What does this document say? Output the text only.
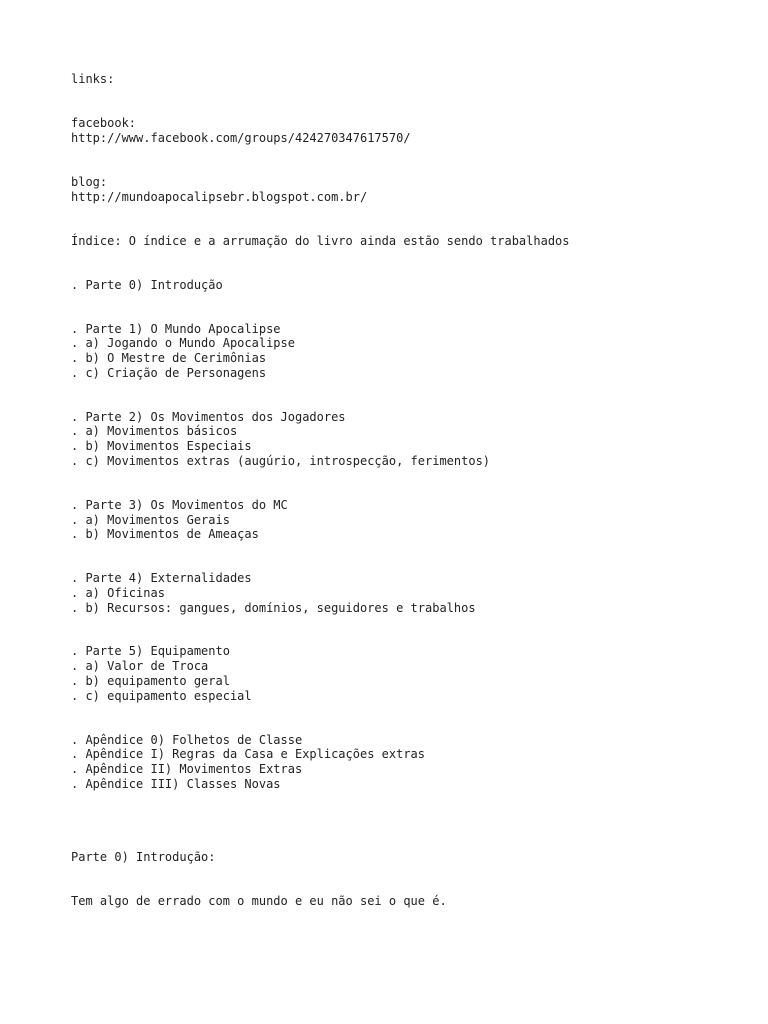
links:
facebook:
http://www.facebook.com/groups/424270347617570/
blog:
http://mundoapocalipsebr.blogspot.com.br/
Índice: O índice e a arrumação do livro ainda estão sendo trabalhados
. Parte 0) Introdução
. Parte 1) O Mundo Apocalipse
. a) Jogando o Mundo Apocalipse
. b) O Mestre de Cerimônias
. c) Criação de Personagens
. Parte 2) Os Movimentos dos Jogadores
. a) Movimentos básicos
. b) Movimentos Especiais
. c) Movimentos extras (augúrio, introspecção, ferimentos)
. Parte 3) Os Movimentos do MC
. a) Movimentos Gerais
. b) Movimentos de Ameaças
. Parte 4) Externalidades
. a) Oficinas
. b) Recursos: gangues, domínios, seguidores e trabalhos
. Parte 5) Equipamento
. a) Valor de Troca
. b) equipamento geral
. c) equipamento especial
. Apêndice 0) Folhetos de Classe
. Apêndice I) Regras da Casa e Explicações extras
. Apêndice II) Movimentos Extras
. Apêndice III) Classes Novas
Parte 0) Introdução:
Tem algo de errado com o mundo e eu não sei o que é.
